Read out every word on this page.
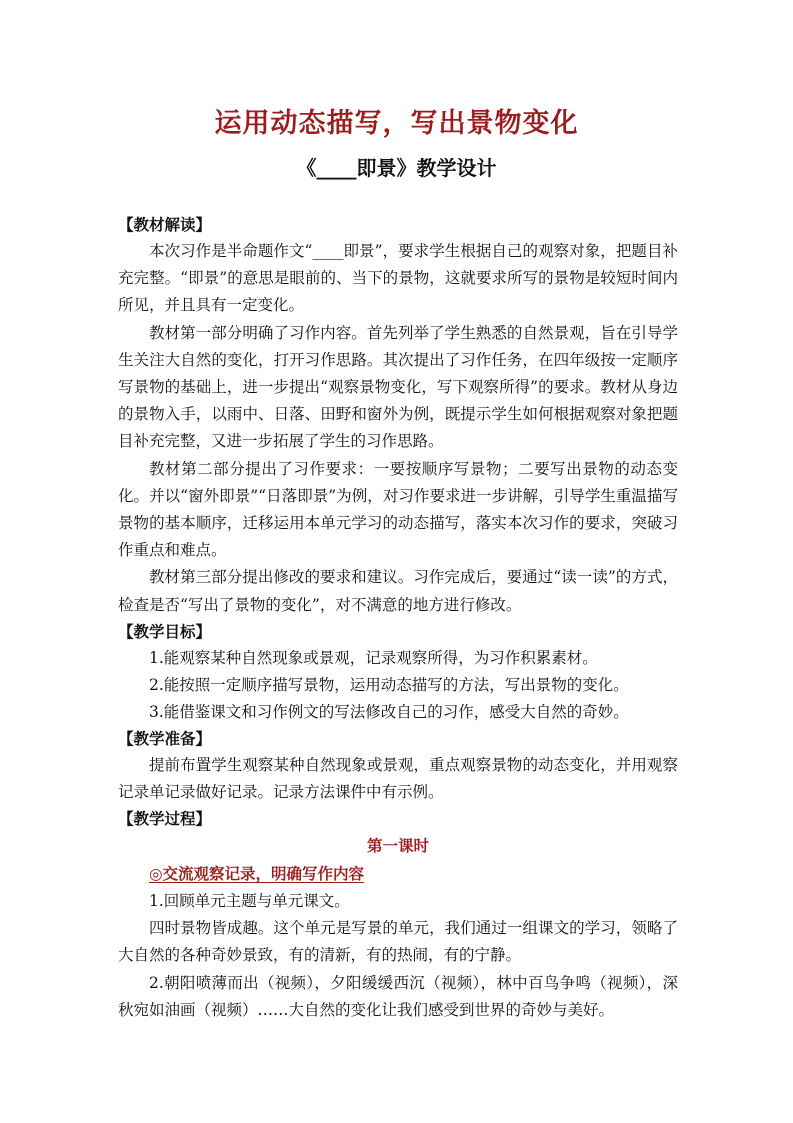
运用动态描写，写出景物变化
《____即景》教学设计
【教材解读】

本次习作是半命题作文“____即景”，要求学生根据自己的观察对象，把题目补充完整。“即景”的意思是眼前的、当下的景物，这就要求所写的景物是较短时间内所见，并且具有一定变化。

教材第一部分明确了习作内容。首先列举了学生熟悉的自然景观，旨在引导学生关注大自然的变化，打开习作思路。其次提出了习作任务，在四年级按一定顺序写景物的基础上，进一步提出“观察景物变化，写下观察所得”的要求。教材从身边的景物入手，以雨中、日落、田野和窗外为例，既提示学生如何根据观察对象把题目补充完整，又进一步拓展了学生的习作思路。

教材第二部分提出了习作要求：一要按顺序写景物；二要写出景物的动态变化。并以“窗外即景”“日落即景”为例，对习作要求进一步讲解，引导学生重温描写景物的基本顺序，迁移运用本单元学习的动态描写，落实本次习作的要求，突破习作重点和难点。

教材第三部分提出修改的要求和建议。习作完成后，要通过“读一读”的方式，检查是否“写出了景物的变化”，对不满意的地方进行修改。

【教学目标】
1.能观察某种自然现象或景观，记录观察所得，为习作积累素材。
2.能按照一定顺序描写景物，运用动态描写的方法，写出景物的变化。
3.能借鉴课文和习作例文的写法修改自己的习作，感受大自然的奇妙。
【教学准备】

提前布置学生观察某种自然现象或景观，重点观察景物的动态变化，并用观察记录单记录做好记录。记录方法课件中有示例。

【教学过程】
第一课时
◎交流观察记录，明确写作内容
1.回顾单元主题与单元课文。

四时景物皆成趣。这个单元是写景的单元，我们通过一组课文的学习，领略了大自然的各种奇妙景致，有的清新，有的热闹，有的宁静。

2.朝阳喷薄而出（视频），夕阳缓缓西沉（视频），林中百鸟争鸣（视频），深秋宛如油画（视频）……大自然的变化让我们感受到世界的奇妙与美好。
